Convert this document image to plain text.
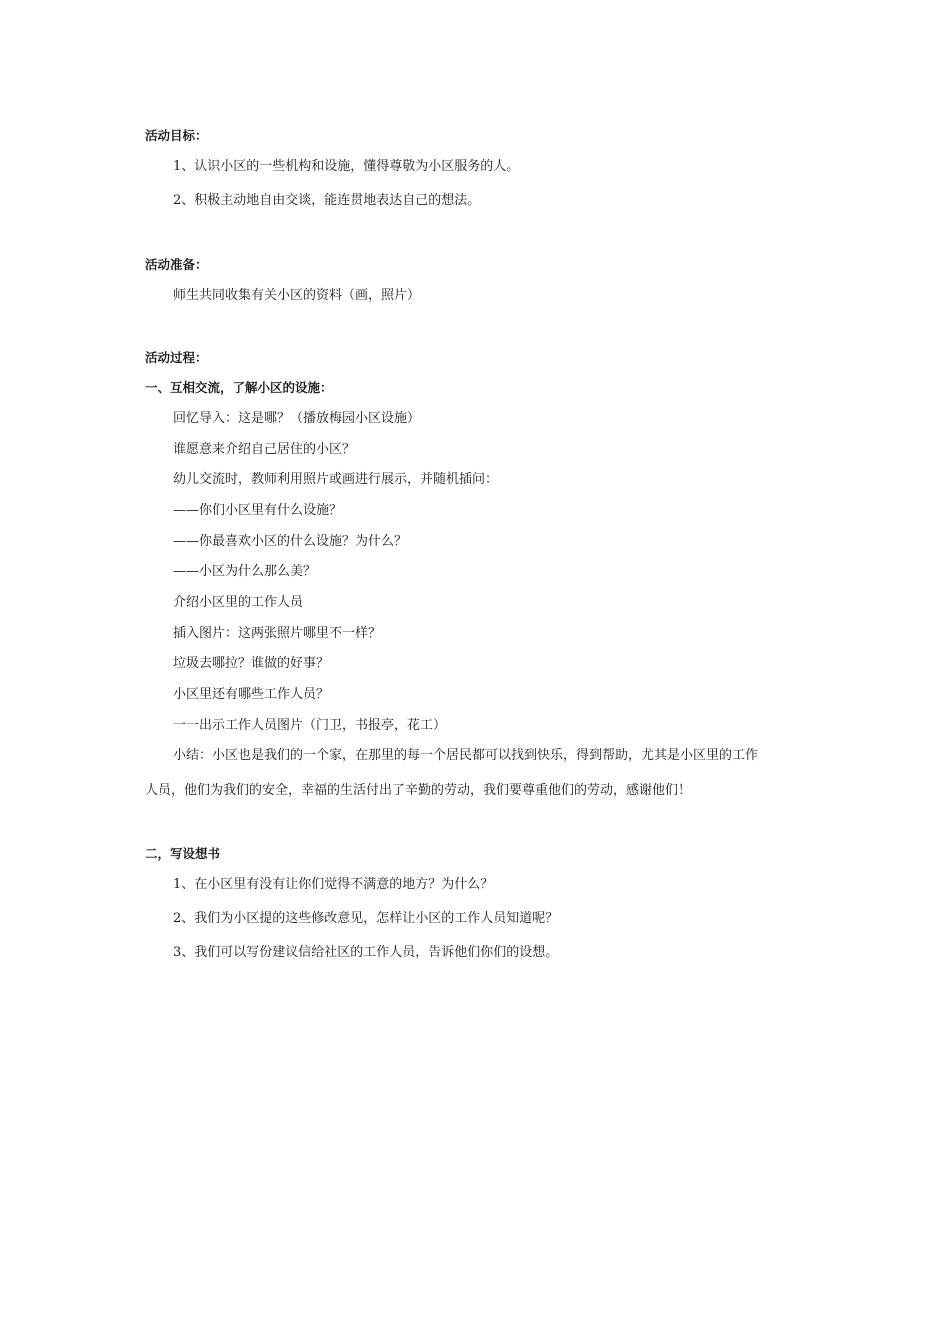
活动目标：
1、认识小区的一些机构和设施，懂得尊敬为小区服务的人。
2、积极主动地自由交谈，能连贯地表达自己的想法。
活动准备：
师生共同收集有关小区的资料（画，照片）
活动过程：
一、互相交流，了解小区的设施：
回忆导入：这是哪？（播放梅园小区设施）
谁愿意来介绍自己居住的小区？
幼儿交流时，教师利用照片或画进行展示，并随机插问：
——你们小区里有什么设施？
——你最喜欢小区的什么设施？为什么？
——小区为什么那么美？
介绍小区里的工作人员
插入图片：这两张照片哪里不一样？
垃圾去哪拉？谁做的好事？
小区里还有哪些工作人员？
一一出示工作人员图片（门卫，书报亭，花工）
小结：小区也是我们的一个家，在那里的每一个居民都可以找到快乐，得到帮助，尤其是小区里的工作
人员，他们为我们的安全，幸福的生活付出了辛勤的劳动，我们要尊重他们的劳动，感谢他们！
二，写设想书
1、在小区里有没有让你们觉得不满意的地方？为什么？
2、我们为小区提的这些修改意见，怎样让小区的工作人员知道呢？
3、我们可以写份建议信给社区的工作人员，告诉他们你们的设想。
